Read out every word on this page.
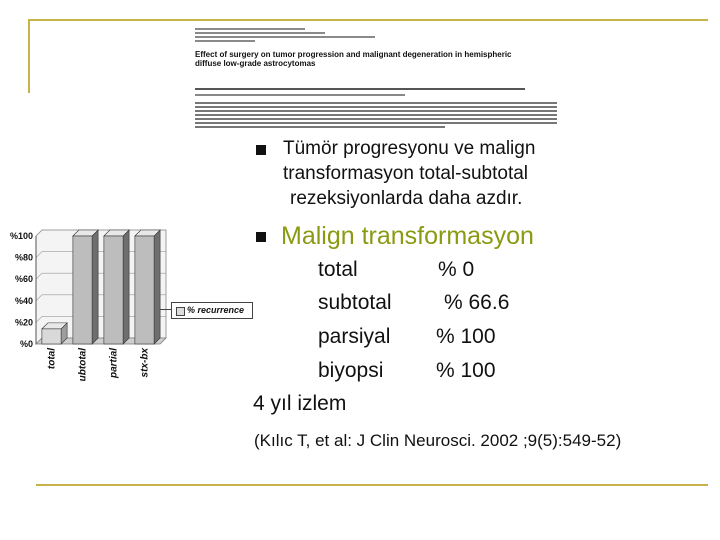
Effect of surgery on tumor progression and malignant degeneration in hemispheric diffuse low-grade astrocytomas
Tümör progresyonu ve malign
transformasyon total-subtotal
rezeksiyonlarda daha azdır.
Malign transformasyon
total	% 0
subtotal % 66.6
parsiyal % 100
biyopsi	% 100
4 yıl izlem
(Kılıc T, et al: J Clin Neurosci. 2002 ;9(5):549-52)
%0
%20
%40
%60
%80
%100
total subtotal partial stx-bx
% recurrence
